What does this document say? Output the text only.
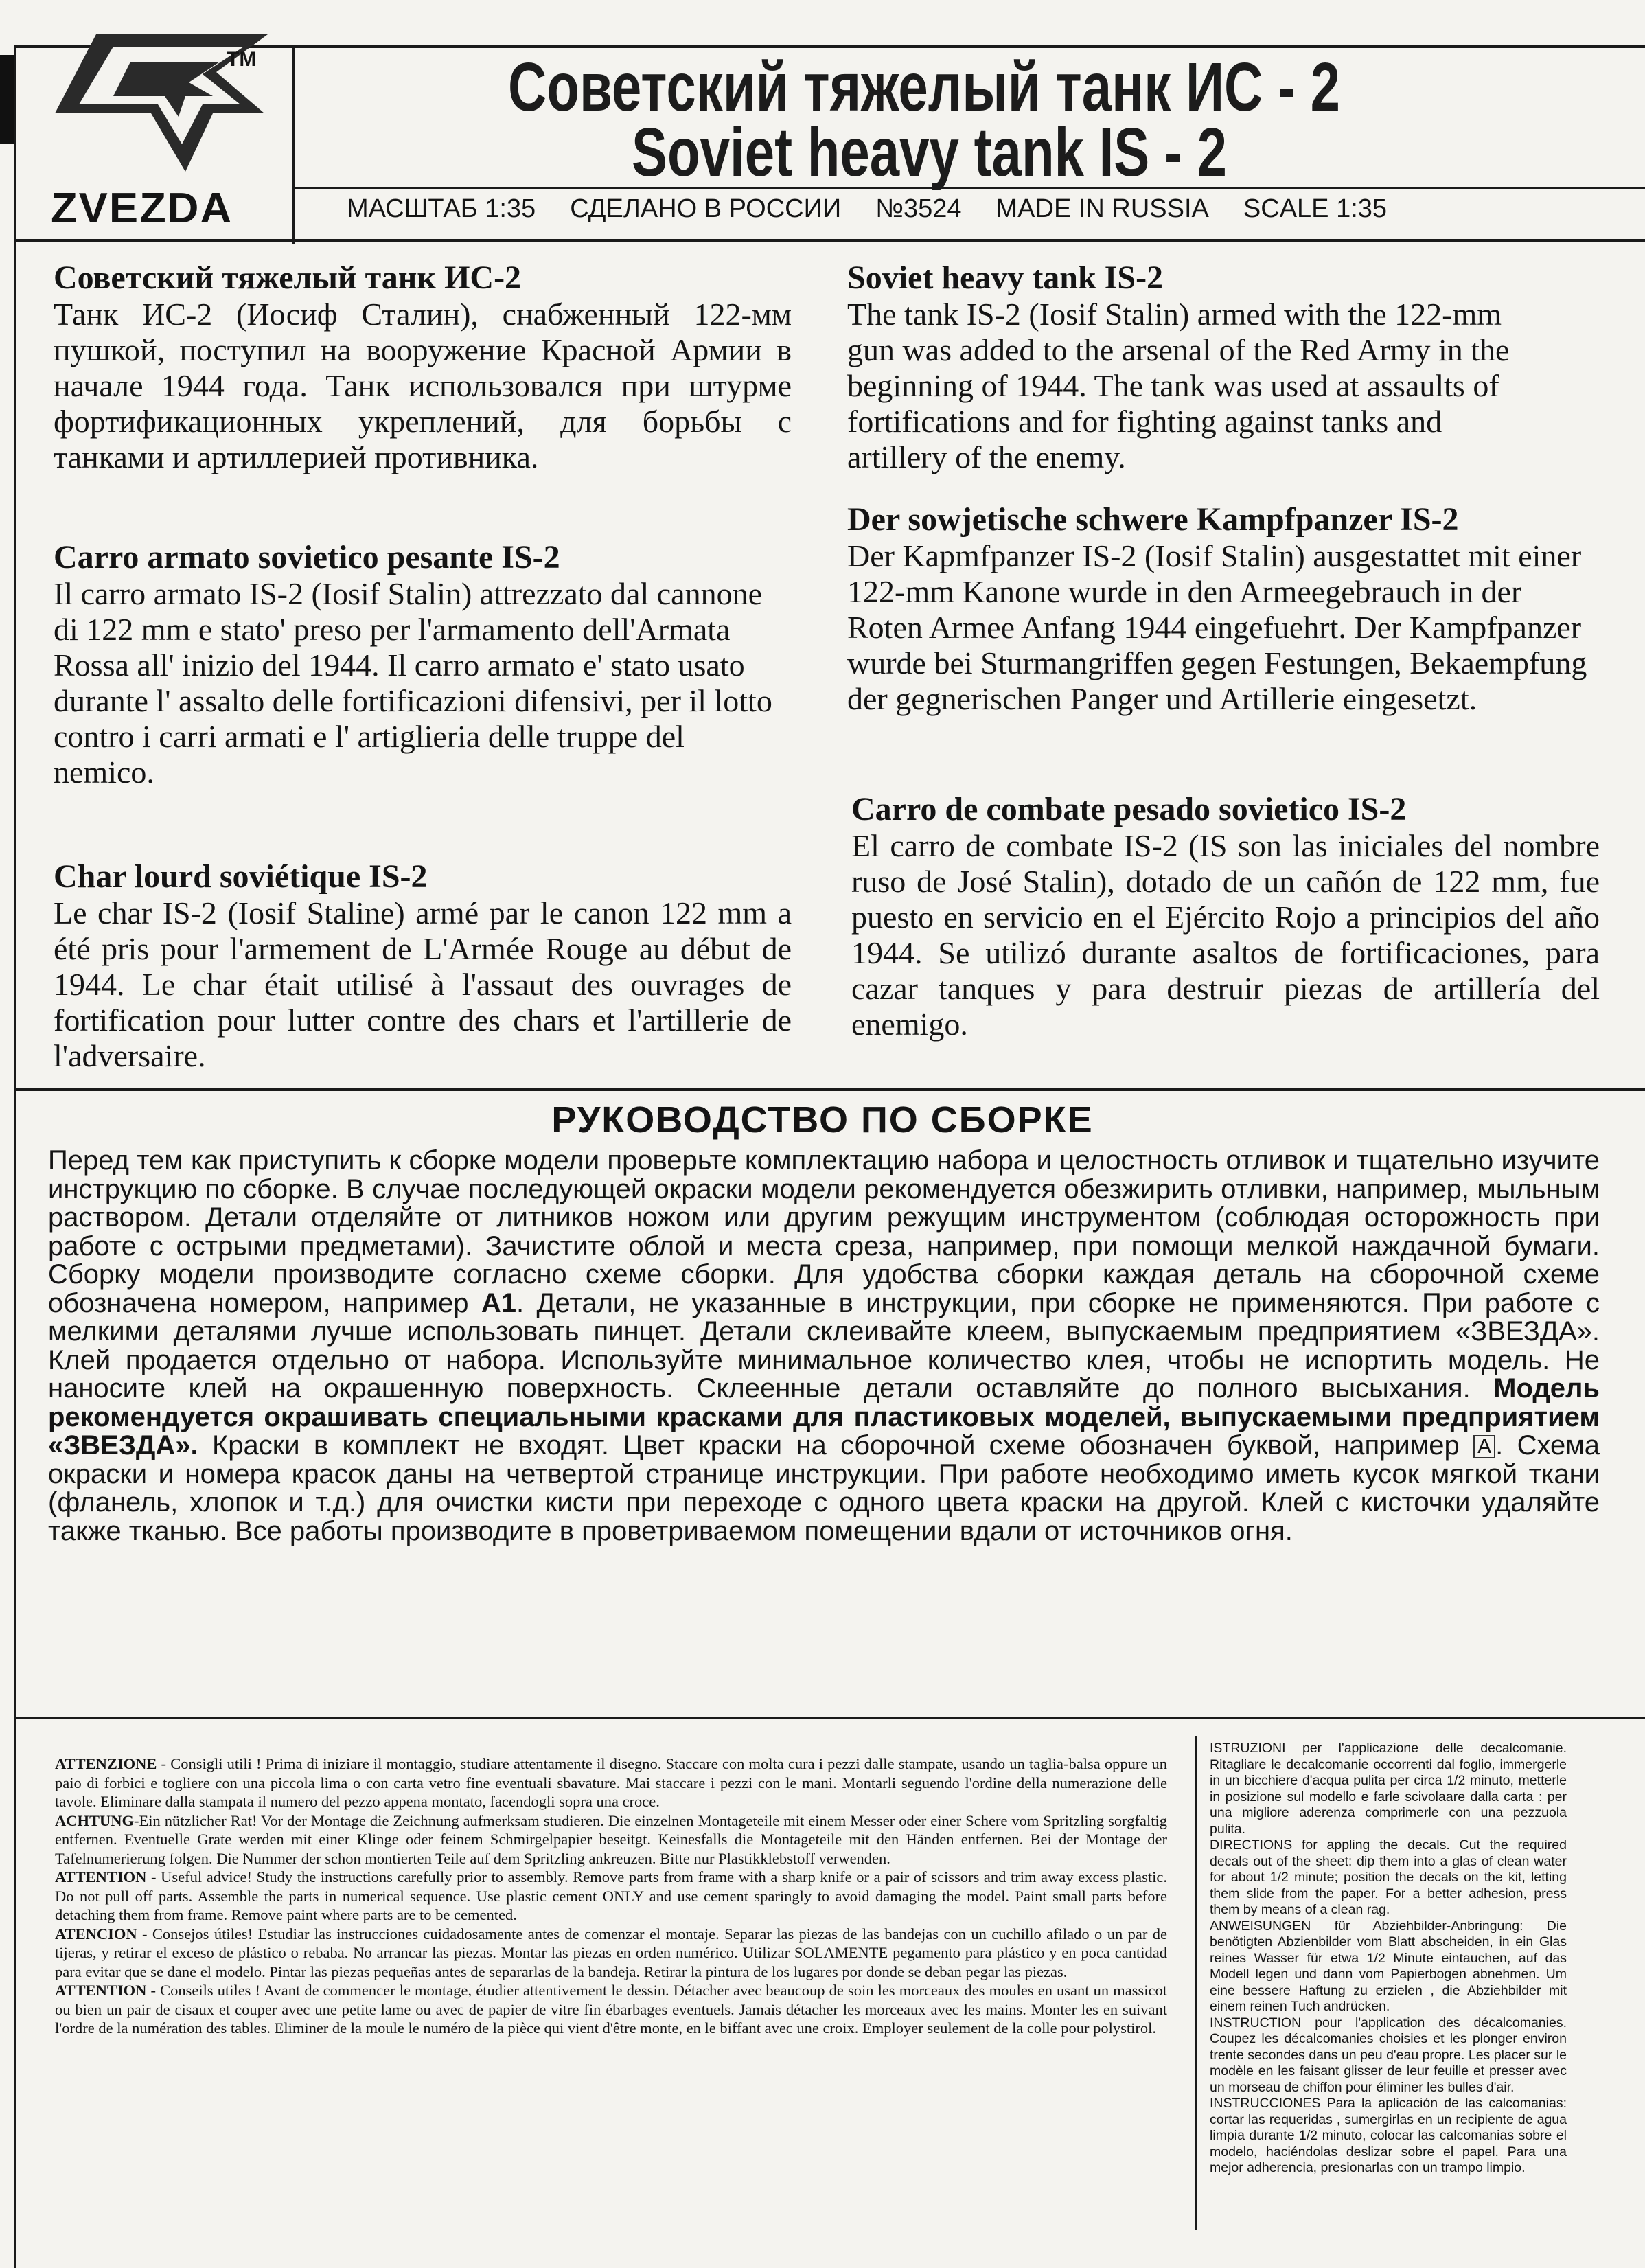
TM
ZVEZDA
Советский тяжелый танк ИС - 2
Soviet heavy tank IS - 2
МАСШТАБ 1:35 СДЕЛАНО В РОССИИ №3524 MADE IN RUSSIA SCALE 1:35
Советский тяжелый танк ИС-2

Танк ИС-2 (Иосиф Сталин), снабженный 122-мм пушкой, поступил на вооружение Красной Армии в начале 1944 года. Танк использовался при штурме фортификационных укреплений, для борьбы с танками и артиллерией противника.

Carro armato sovietico pesante IS-2

Il carro armato IS-2 (Iosif Stalin) attrezzato dal cannone di 122 mm e stato' preso per l'armamento dell'Armata Rossa all' inizio del 1944. Il carro armato e' stato usato durante l' assalto delle fortificazioni difensivi, per il lotto contro i carri armati e l' artiglieria delle truppe del nemico.

Char lourd soviétique IS-2

Le char IS-2 (Iosif Staline) armé par le canon 122 mm a été pris pour l'armement de L'Armée Rouge au début de 1944. Le char était utilisé à l'assaut des ouvrages de fortification pour lutter contre des chars et l'artillerie de l'adversaire.

Soviet heavy tank IS-2

The tank IS-2 (Iosif Stalin) armed with the 122-mm gun was added to the arsenal of the Red Army in the beginning of 1944. The tank was used at assaults of fortifications and for fighting against tanks and artillery of the enemy.

Der sowjetische schwere Kampfpanzer IS-2

Der Kapmfpanzer IS-2 (Iosif Stalin) ausgestattet mit einer 122-mm Kanone wurde in den Armeegebrauch in der Roten Armee Anfang 1944 eingefuehrt. Der Kampfpanzer wurde bei Sturmangriffen gegen Festungen, Bekaempfung der gegnerischen Panger und Artillerie eingesetzt.

Carro de combate pesado sovietico IS-2

El carro de combate IS-2 (IS son las iniciales del nombre ruso de José Stalin), dotado de un cañón de 122 mm, fue puesto en servicio en el Ejército Rojo a principios del año 1944. Se utilizó durante asaltos de fortificaciones, para cazar tanques y para destruir piezas de artillería del enemigo.

РУКОВОДСТВО ПО СБОРКЕ
Перед тем как приступить к сборке модели проверьте комплектацию набора и целостность отливок и тщательно изучите инструкцию по сборке. В случае последующей окраски модели рекомендуется обезжирить отливки, например, мыльным раствором. Детали отделяйте от литников ножом или другим режущим инструментом (соблюдая осторожность при работе с острыми предметами). Зачистите облой и места среза, например, при помощи мелкой наждачной бумаги. Сборку модели производите согласно схеме сборки. Для удобства сборки каждая деталь на сборочной схеме обозначена номером, например А1. Детали, не указанные в инструкции, при сборке не применяются. При работе с мелкими деталями лучше использовать пинцет. Детали склеивайте клеем, выпускаемым предприятием «ЗВЕЗДА». Клей продается отдельно от набора. Используйте минимальное количество клея, чтобы не испортить модель. Не наносите клей на окрашенную поверхность. Склеенные детали оставляйте до полного высыхания. Модель рекомендуется окрашивать специальными красками для пластиковых моделей, выпускаемыми предприятием «ЗВЕЗДА». Краски в комплект не входят. Цвет краски на сборочной схеме обозначен буквой, например А . Схема окраски и номера красок даны на четвертой странице инструкции. При работе необходимо иметь кусок мягкой ткани (фланель, хлопок и т.д.) для очистки кисти при переходе с одного цвета краски на другой. Клей с кисточки удаляйте также тканью. Все работы производите в проветриваемом помещении вдали от источников огня.
ATTENZIONE - Consigli utili ! Prima di iniziare il montaggio, studiare attentamente il disegno. Staccare con molta cura i pezzi dalle stampate, usando un taglia-balsa oppure un paio di forbici e togliere con una piccola lima o con carta vetro fine eventuali sbavature. Mai staccare i pezzi con le mani. Montarli seguendo l'ordine della numerazione delle tavole. Eliminare dalla stampata il numero del pezzo appena montato, facendogli sopra una croce.
ACHTUNG-Ein nützlicher Rat! Vor der Montage die Zeichnung aufmerksam studieren. Die einzelnen Montageteile mit einem Messer oder einer Schere vom Spritzling sorgfaltig entfernen. Eventuelle Grate werden mit einer Klinge oder feinem Schmirgelpapier beseitgt. Keinesfalls die Montageteile mit den Händen entfernen. Bei der Montage der Tafelnumerierung folgen. Die Nummer der schon montierten Teile auf dem Spritzling ankreuzen. Bitte nur Plastikklebstoff verwenden.
ATTENTION - Useful advice! Study the instructions carefully prior to assembly. Remove parts from frame with a sharp knife or a pair of scissors and trim away excess plastic. Do not pull off parts. Assemble the parts in numerical sequence. Use plastic cement ONLY and use cement sparingly to avoid damaging the model. Paint small parts before detaching them from frame. Remove paint where parts are to be cemented.
ATENCION - Consejos útiles! Estudiar las instrucciones cuidadosamente antes de comenzar el montaje. Separar las piezas de las bandejas con un cuchillo afilado o un par de tijeras, y retirar el exceso de plástico o rebaba. No arrancar las piezas. Montar las piezas en orden numérico. Utilizar SOLAMENTE pegamento para plástico y en poca cantidad para evitar que se dane el modelo. Pintar las piezas pequeñas antes de separarlas de la bandeja. Retirar la pintura de los lugares por donde se deban pegar las piezas.
ATTENTION - Conseils utiles ! Avant de commencer le montage, étudier attentivement le dessin. Détacher avec beaucoup de soin les morceaux des moules en usant un massicot ou bien un pair de cisaux et couper avec une petite lame ou avec de papier de vitre fin ébarbages eventuels. Jamais détacher les morceaux avec les mains. Monter les en suivant l'ordre de la numération des tables. Eliminer de la moule le numéro de la pièce qui vient d'être monte, en le biffant avec une croix. Employer seulement de la colle pour polystirol.
ISTRUZIONI per l'applicazione delle decalcomanie. Ritagliare le decalcomanie occorrenti dal foglio, immergerle in un bicchiere d'acqua pulita per circa 1/2 minuto, metterle in posizione sul modello e farle scivolaare dalla carta : per una migliore aderenza comprimerle con una pezzuola pulita.
DIRECTIONS for appling the decals. Cut the required decals out of the sheet: dip them into a glas of clean water for about 1/2 minute; position the decals on the kit, letting them slide from the paper. For a better adhesion, press them by means of a clean rag.
ANWEISUNGEN für Abziehbilder-Anbringung: Die benötigten Abzienbilder vom Blatt abscheiden, in ein Glas reines Wasser für etwa 1/2 Minute eintauchen, auf das Modell legen und dann vom Papierbogen abnehmen. Um eine bessere Haftung zu erzielen , die Abziehbilder mit einem reinen Tuch andrücken.
INSTRUCTION pour l'application des décalcomanies. Coupez les décalcomanies choisies et les plonger environ trente secondes dans un peu d'eau propre. Les placer sur le modèle en les faisant glisser de leur feuille et presser avec un morseau de chiffon pour éliminer les bulles d'air.
INSTRUCCIONES Para la aplicación de las calcomanias: cortar las requeridas , sumergirlas en un recipiente de agua limpia durante 1/2 minuto, colocar las calcomanias sobre el modelo, haciéndolas deslizar sobre el papel. Para una mejor adherencia, presionarlas con un trampo limpio.
